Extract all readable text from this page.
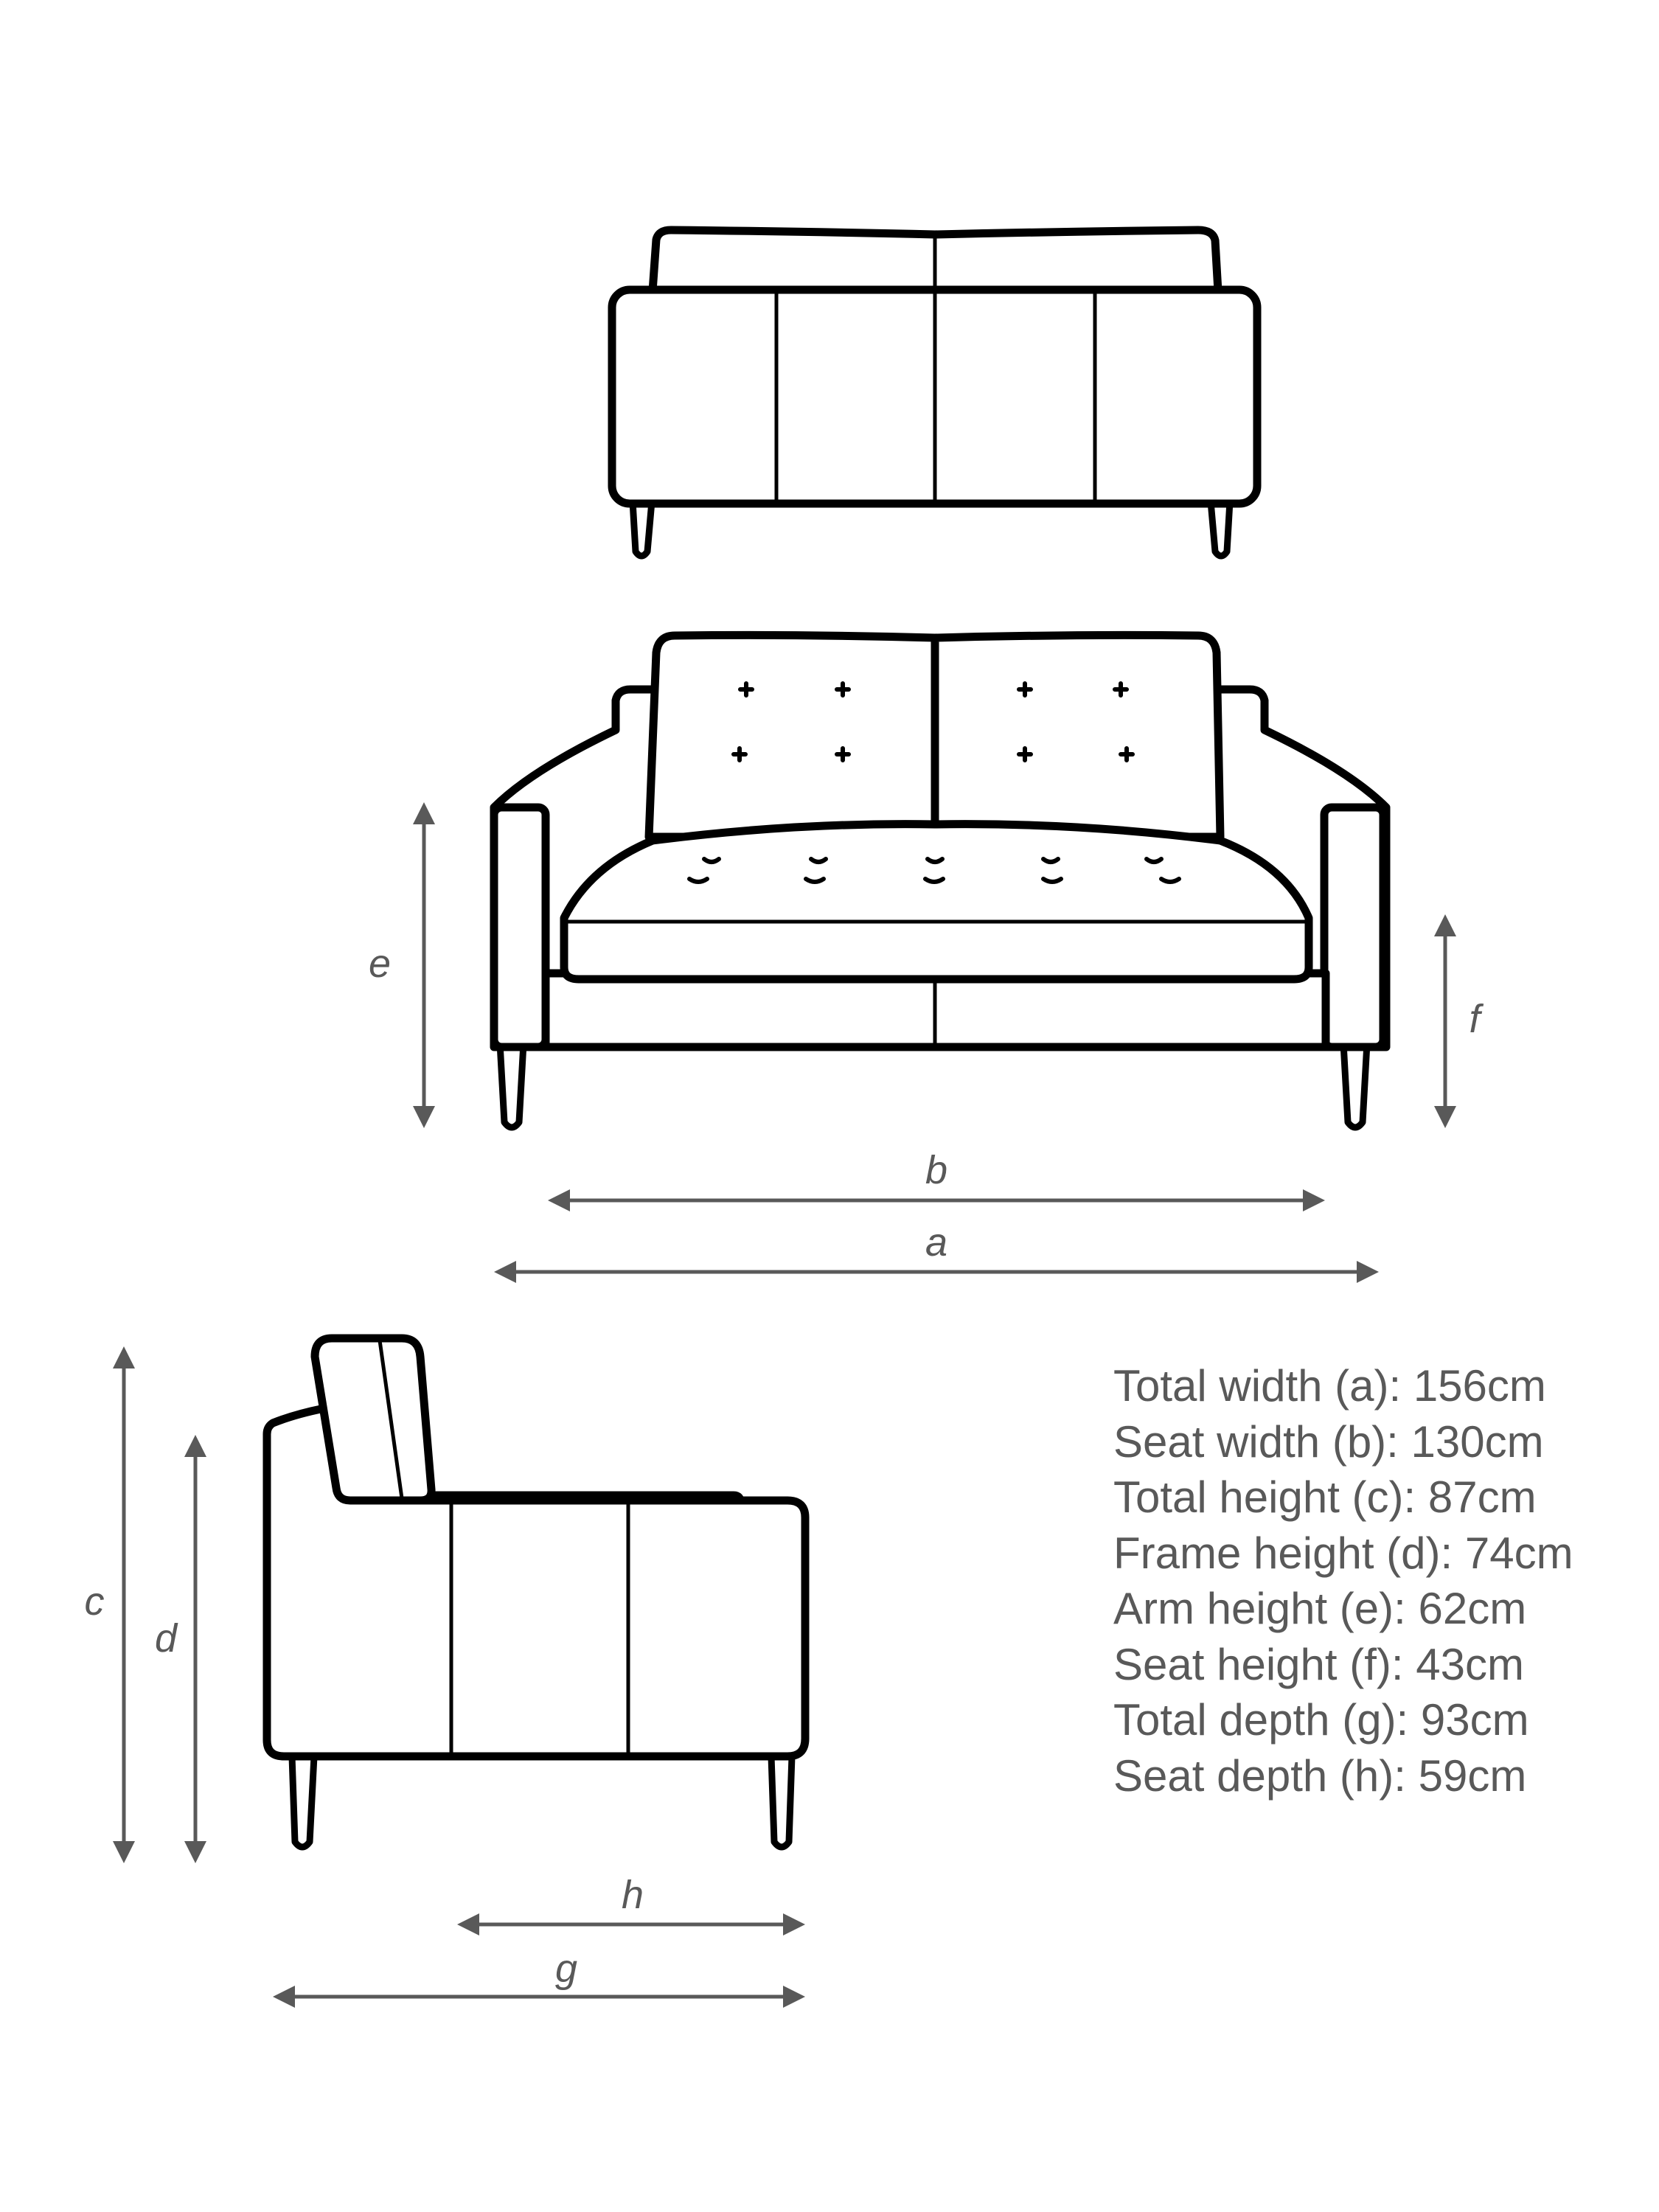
e
f
b
a
c
d
h
g
Total width (a): 156cm
Seat width (b): 130cm
Total height (c): 87cm
Frame height (d): 74cm
Arm height (e): 62cm
Seat height (f): 43cm
Total depth (g): 93cm
Seat depth (h): 59cm
